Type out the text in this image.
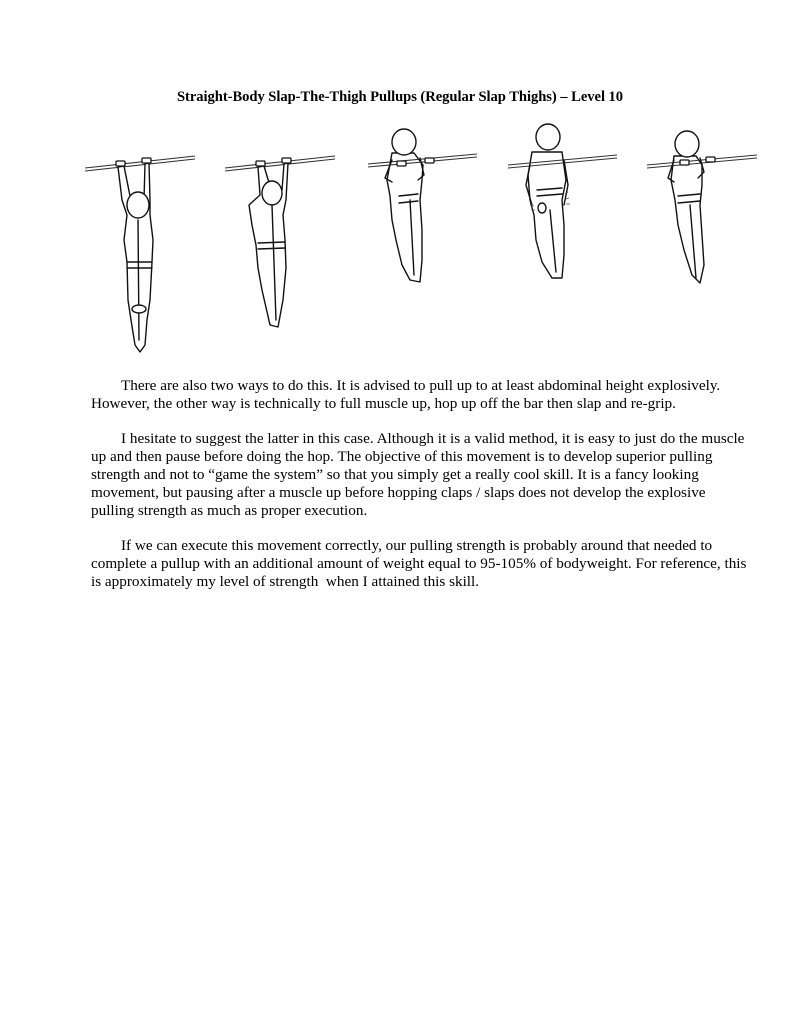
Straight-Body Slap-The-Thigh Pullups (Regular Slap Thighs) – Level 10

There are also two ways to do this. It is advised to pull up to at least abdominal height explosively. However, the other way is technically to full muscle up, hop up off the bar then slap and re-grip.

I hesitate to suggest the latter in this case. Although it is a valid method, it is easy to just do the muscle up and then pause before doing the hop. The objective of this movement is to develop superior pulling strength and not to “game the system” so that you simply get a really cool skill. It is a fancy looking movement, but pausing after a muscle up before hopping claps / slaps does not develop the explosive pulling strength as much as proper execution.

If we can execute this movement correctly, our pulling strength is probably around that needed to complete a pullup with an additional amount of weight equal to 95-105% of bodyweight. For reference, this is approximately my level of strength  when I attained this skill.
